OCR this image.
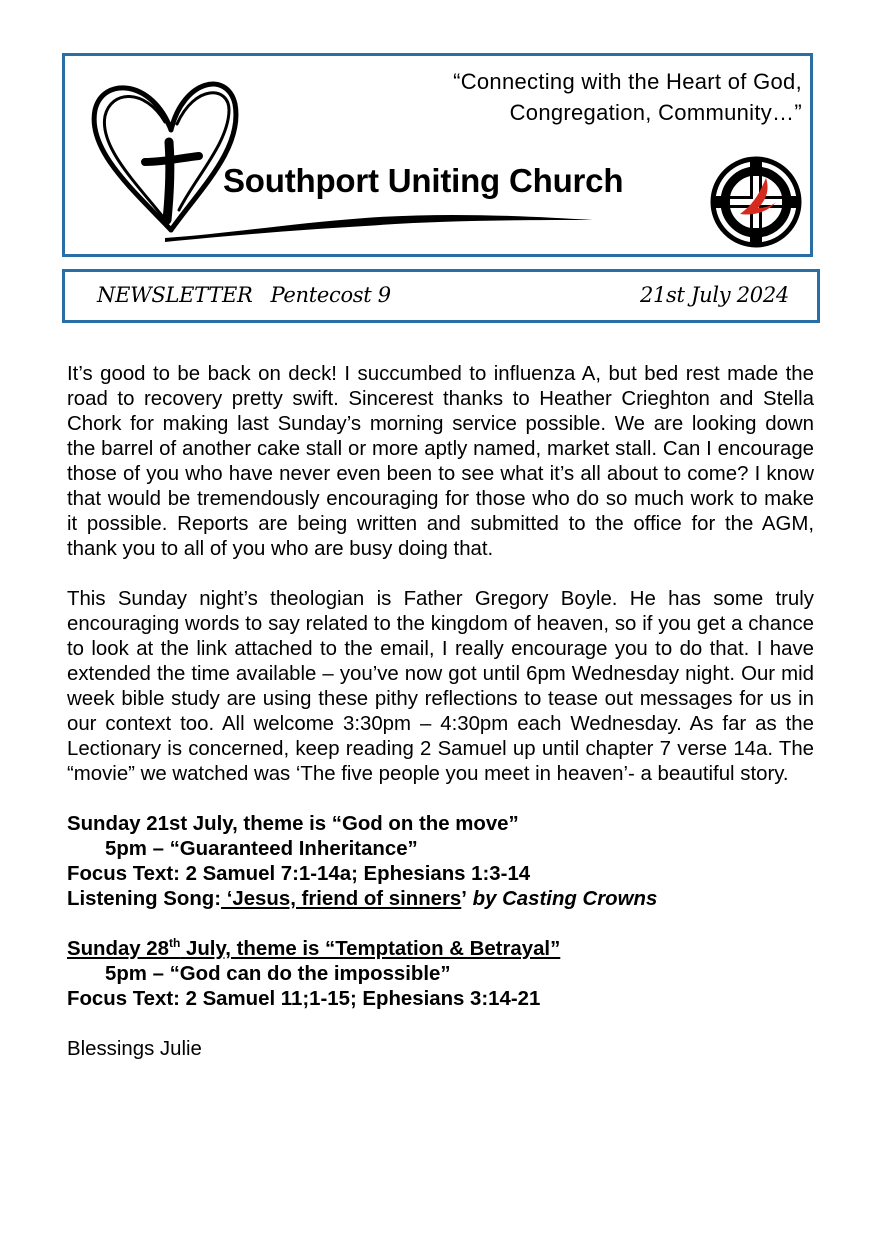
“Connecting with the Heart of God,
Congregation, Community…”
Southport Uniting Church
NEWSLETTER Pentecost 9	21st July 2024

It’s good to be back on deck! I succumbed to influenza A, but bed rest made the road to recovery pretty swift. Sincerest thanks to Heather Crieghton and Stella Chork for making last Sunday’s morning service possible. We are looking down the barrel of another cake stall or more aptly named, market stall. Can I encourage those of you who have never even been to see what it’s all about to come? I know that would be tremendously encouraging for those who do so much work to make it possible. Reports are being written and submitted to the office for the AGM, thank you to all of you who are busy doing that.

This Sunday night’s theologian is Father Gregory Boyle. He has some truly encouraging words to say related to the kingdom of heaven, so if you get a chance to look at the link attached to the email, I really encourage you to do that. I have extended the time available – you’ve now got until 6pm Wednesday night. Our mid week bible study are using these pithy reflections to tease out messages for us in our context too. All welcome 3:30pm – 4:30pm each Wednesday. As far as the Lectionary is concerned, keep reading 2 Samuel up until chapter 7 verse 14a. The “movie” we watched was ‘The five people you meet in heaven’- a beautiful story.

Sunday 21st July, theme is “God on the move”
5pm – “Guaranteed Inheritance”
Focus Text: 2 Samuel 7:1-14a; Ephesians 1:3-14
Listening Song: ‘Jesus, friend of sinners’ by Casting Crowns
Sunday 28th July, theme is “Temptation & Betrayal”
5pm – “God can do the impossible”
Focus Text: 2 Samuel 11;1-15; Ephesians 3:14-21
Blessings Julie
